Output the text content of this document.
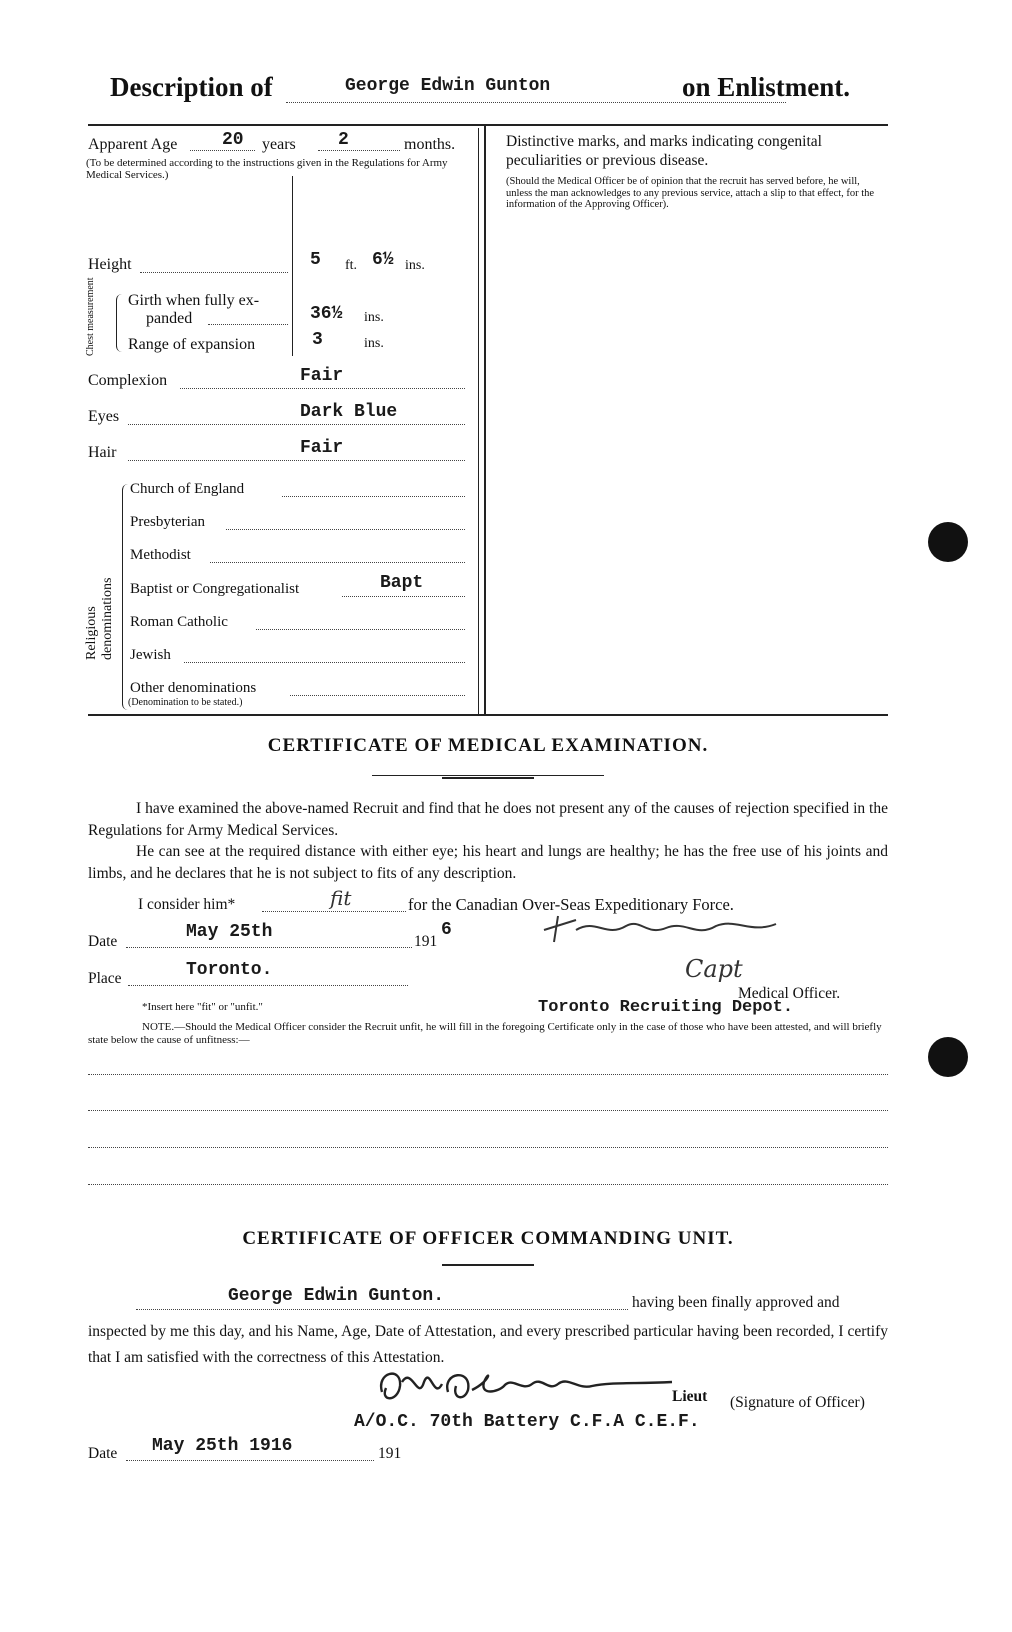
Description of	George Edwin Gunton	on Enlistment.
Apparent Age 20 years 2	months.
(To be determined according to the instructions given in the Regulations for Army Medical Services.)
Height	5 ft. 6½ ins.
Chest measurement Girth when fully ex-
panded	36½ ins.
Range of expansion	3	ins.
Complexion	Fair
Eyes	Dark Blue
Hair	Fair
Religious denominations
Church of England
Presbyterian
Methodist
Baptist or Congregationalist	Bapt
Roman Catholic
Jewish
Other denominations
(Denomination to be stated.)
Distinctive marks, and marks indicating congenital peculiarities or previous disease.
(Should the Medical Officer be of opinion that the recruit has served before, he will, unless the man acknowledges to any previous service, attach a slip to that effect, for the information of the Approving Officer).
CERTIFICATE OF MEDICAL EXAMINATION.
I have examined the above-named Recruit and find that he does not present any of the causes of rejection specified in the Regulations for Army Medical Services.
He can see at the required distance with either eye; his heart and lungs are healthy; he has the free use of his joints and limbs, and he declares that he is not subject to fits of any description.
I consider him*	fit	for the Canadian Over-Seas Expeditionary Force.
Date	May 25th	191
6
Place	Toronto.	Capt
Medical Officer.
Toronto Recruiting Depot.
*Insert here "fit" or "unfit."
NOTE.—Should the Medical Officer consider the Recruit unfit, he will fill in the foregoing Certificate only in the case of those who have been attested, and will briefly state below the cause of unfitness:—
CERTIFICATE OF OFFICER COMMANDING UNIT.
George Edwin Gunton.	having been finally approved and
inspected by me this day, and his Name, Age, Date of Attestation, and every prescribed particular having been recorded, I certify that I am satisfied with the correctness of this Attestation.
Lieut (Signature of Officer)
A/O.C. 70th Battery C.F.A C.E.F.
Date May 25th 1916	191
